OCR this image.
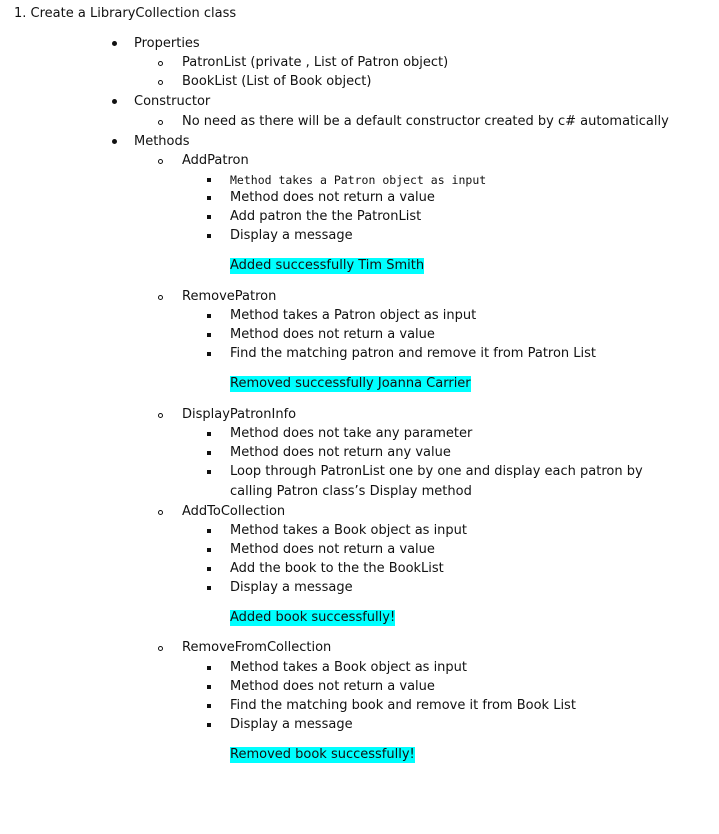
1. Create a LibraryCollection class
Properties
PatronList (private , List of Patron object)
BookList (List of Book object)
Constructor
No need as there will be a default constructor created by c# automatically
Methods
AddPatron
Method takes a Patron object as input
Method does not return a value
Add patron the the PatronList
Display a message
Added successfully Tim Smith
RemovePatron
Method takes a Patron object as input
Method does not return a value
Find the matching patron and remove it from Patron List
Removed successfully Joanna Carrier
DisplayPatronInfo
Method does not take any parameter
Method does not return any value
Loop through PatronList one by one and display each patron by
calling Patron class’s Display method
AddToCollection
Method takes a Book object as input
Method does not return a value
Add the book to the the BookList
Display a message
Added book successfully!
RemoveFromCollection
Method takes a Book object as input
Method does not return a value
Find the matching book and remove it from Book List
Display a message
Removed book successfully!
